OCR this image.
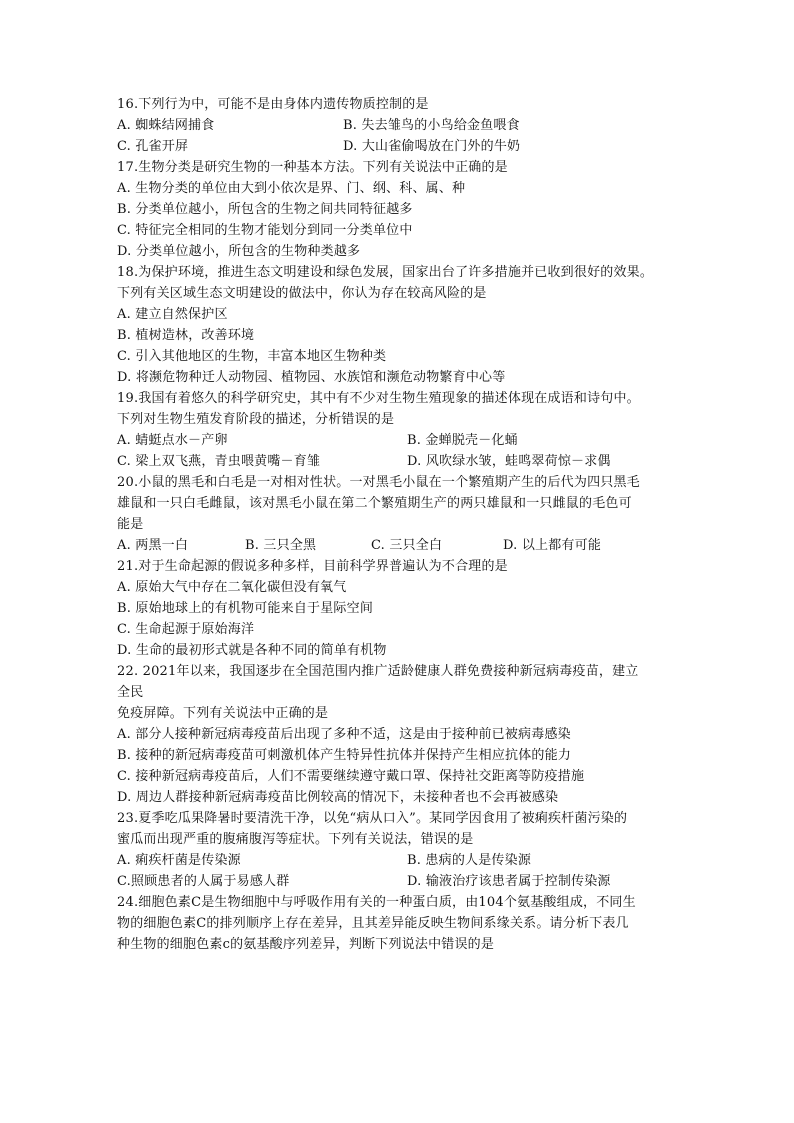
16.下列行为中，可能不是由身体内遗传物质控制的是
A. 蜘蛛结网捕食	B. 失去雏鸟的小鸟给金鱼喂食
C. 孔雀开屏	D. 大山雀偷喝放在门外的牛奶
17.生物分类是研究生物的一种基本方法。下列有关说法中正确的是
A. 生物分类的单位由大到小依次是界、门、纲、科、属、种
B. 分类单位越小，所包含的生物之间共同特征越多
C. 特征完全相同的生物才能划分到同一分类单位中
D. 分类单位越小，所包含的生物种类越多
18.为保护环境，推进生态文明建设和绿色发展，国家出台了许多措施并已收到很好的效果。
下列有关区域生态文明建设的做法中，你认为存在较高风险的是
A. 建立自然保护区
B. 植树造林，改善环境
C. 引入其他地区的生物，丰富本地区生物种类
D. 将濒危物种迁人动物园、植物园、水族馆和濒危动物繁育中心等
19.我国有着悠久的科学研究史，其中有不少对生物生殖现象的描述体现在成语和诗句中。
下列对生物生殖发育阶段的描述，分析错误的是
A. 蜻蜓点水－产卵	B. 金蝉脱壳－化蛹
C. 梁上双飞燕，青虫喂黄嘴－育雏	D. 风吹绿水皱，蛙鸣翠荷惊－求偶
20.小鼠的黑毛和白毛是一对相对性状。一对黑毛小鼠在一个繁殖期产生的后代为四只黑毛
雄鼠和一只白毛雌鼠，该对黑毛小鼠在第二个繁殖期生产的两只雄鼠和一只雌鼠的毛色可
能是
A. 两黑一白	B. 三只全黑	C. 三只全白	D. 以上都有可能
21.对于生命起源的假说多种多样，目前科学界普遍认为不合理的是
A. 原始大气中存在二氧化碳但没有氧气
B. 原始地球上的有机物可能来自于星际空间
C. 生命起源于原始海洋
D. 生命的最初形式就是各种不同的简单有机物
22. 2021年以来，我国逐步在全国范围内推广适龄健康人群免费接种新冠病毒疫苗，建立
全民
免疫屏障。下列有关说法中正确的是
A. 部分人接种新冠病毒疫苗后出现了多种不适，这是由于接种前已被病毒感染
B. 接种的新冠病毒疫苗可刺激机体产生特异性抗体并保持产生相应抗体的能力
C. 接种新冠病毒疫苗后，人们不需要继续遵守戴口罩、保持社交距离等防疫措施
D. 周边人群接种新冠病毒疫苗比例较高的情况下，未接种者也不会再被感染
23.夏季吃瓜果降暑时要清洗干净，以免“病从口入”。某同学因食用了被痢疾杆菌污染的
蜜瓜而出现严重的腹痛腹泻等症状。下列有关说法，错误的是
A. 痢疾杆菌是传染源	B. 患病的人是传染源
C.照顾患者的人属于易感人群	D. 输液治疗该患者属于控制传染源
24.细胞色素C是生物细胞中与呼吸作用有关的一种蛋白质，由104个氨基酸组成，不同生
物的细胞色素C的排列顺序上存在差异，且其差异能反映生物间系缘关系。请分析下表几
种生物的细胞色素c的氨基酸序列差异，判断下列说法中错误的是
